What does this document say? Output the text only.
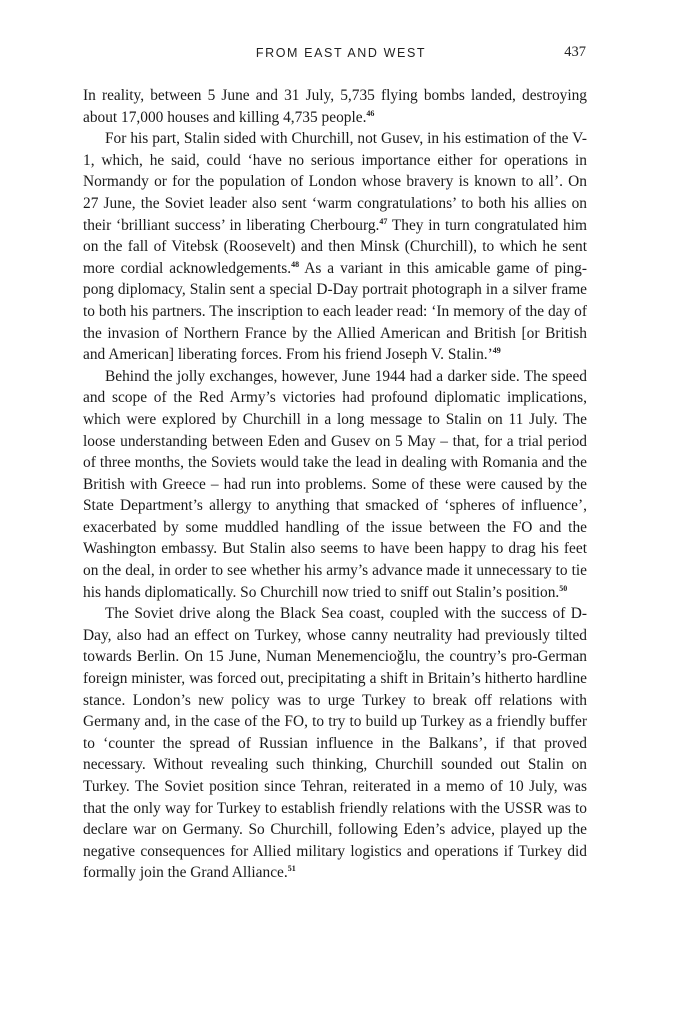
FROM EAST AND WEST	437

In reality, between 5 June and 31 July, 5,735 flying bombs landed, destroying about 17,000 houses and killing 4,735 people.$^{46}$

For his part, Stalin sided with Churchill, not Gusev, in his estimation of the V-1, which, he said, could ‘have no serious importance either for operations in Normandy or for the population of London whose bravery is known to all’. On 27 June, the Soviet leader also sent ‘warm congratulations’ to both his allies on their ‘brilliant success’ in liberating Cherbourg.$^{47}$ They in turn congratulated him on the fall of Vitebsk (Roosevelt) and then Minsk (Churchill), to which he sent more cordial acknowledgements.$^{48}$ As a variant in this amicable game of ping-pong diplomacy, Stalin sent a special D-Day portrait photograph in a silver frame to both his partners. The inscription to each leader read: ‘In memory of the day of the invasion of Northern France by the Allied American and British [or British and American] liberating forces. From his friend Joseph V. Stalin.’$^{49}$

Behind the jolly exchanges, however, June 1944 had a darker side. The speed and scope of the Red Army’s victories had profound diplomatic implications, which were explored by Churchill in a long message to Stalin on 11 July. The loose understanding between Eden and Gusev on 5 May – that, for a trial period of three months, the Soviets would take the lead in dealing with Romania and the British with Greece – had run into problems. Some of these were caused by the State Department’s allergy to anything that smacked of ‘spheres of influence’, exacerbated by some muddled handling of the issue between the FO and the Washington embassy. But Stalin also seems to have been happy to drag his feet on the deal, in order to see whether his army’s advance made it unnecessary to tie his hands diplomatically. So Churchill now tried to sniff out Stalin’s position.$^{50}$

The Soviet drive along the Black Sea coast, coupled with the success of D-Day, also had an effect on Turkey, whose canny neutrality had previously tilted towards Berlin. On 15 June, Numan Menemencioğlu, the country’s pro-German foreign minister, was forced out, precipitating a shift in Britain’s hitherto hardline stance. London’s new policy was to urge Turkey to break off relations with Germany and, in the case of the FO, to try to build up Turkey as a friendly buffer to ‘counter the spread of Russian influence in the Balkans’, if that proved necessary. Without revealing such thinking, Churchill sounded out Stalin on Turkey. The Soviet position since Tehran, reiterated in a memo of 10 July, was that the only way for Turkey to establish friendly relations with the USSR was to declare war on Germany. So Churchill, following Eden’s advice, played up the negative consequences for Allied military logistics and operations if Turkey did formally join the Grand Alliance.$^{51}$
